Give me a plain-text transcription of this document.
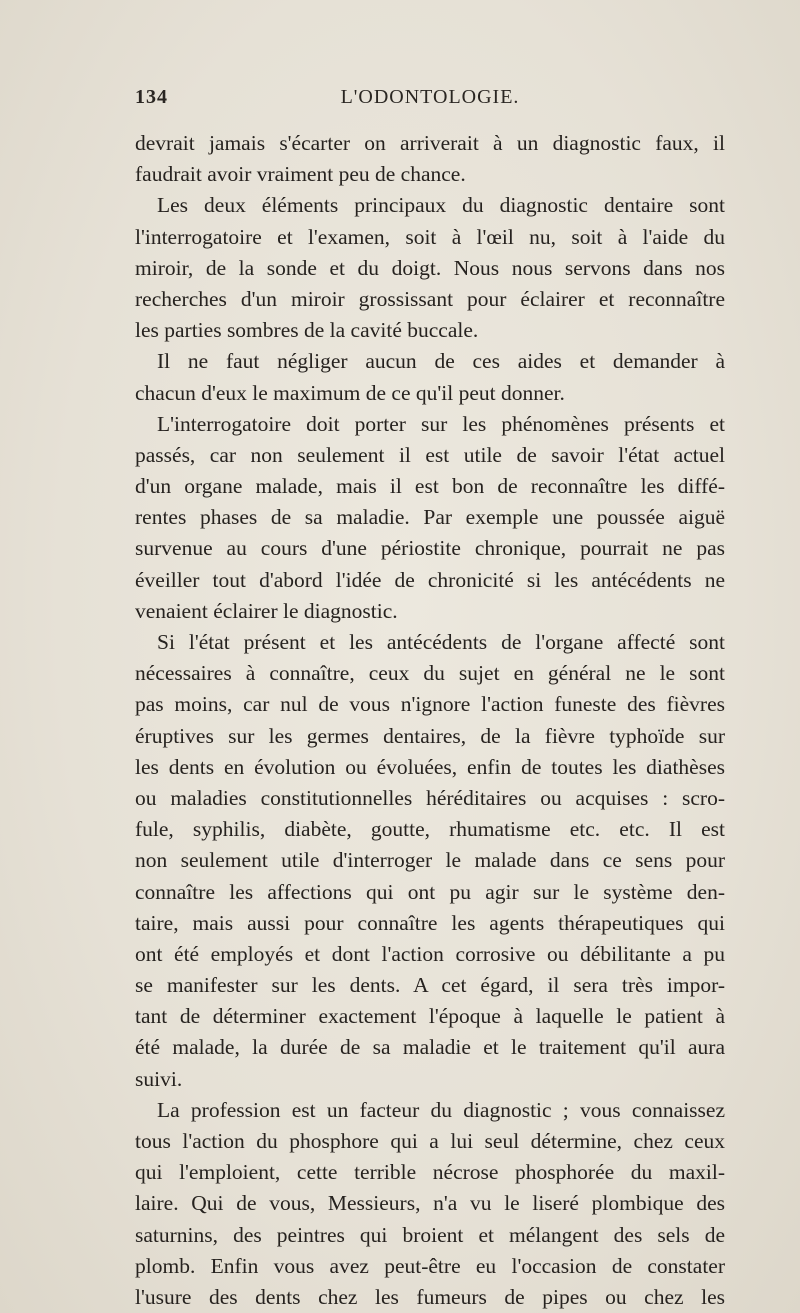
134	L'ODONTOLOGIE.
devrait jamais s'écarter on arriverait à un diagnostic faux, il
faudrait avoir vraiment peu de chance.
Les deux éléments principaux du diagnostic dentaire sont
l'interrogatoire et l'examen, soit à l'œil nu, soit à l'aide du
miroir, de la sonde et du doigt. Nous nous servons dans nos
recherches d'un miroir grossissant pour éclairer et reconnaître
les parties sombres de la cavité buccale.
Il ne faut négliger aucun de ces aides et demander à
chacun d'eux le maximum de ce qu'il peut donner.
L'interrogatoire doit porter sur les phénomènes présents et
passés, car non seulement il est utile de savoir l'état actuel
d'un organe malade, mais il est bon de reconnaître les diffé-
rentes phases de sa maladie. Par exemple une poussée aiguë
survenue au cours d'une périostite chronique, pourrait ne pas
éveiller tout d'abord l'idée de chronicité si les antécédents ne
venaient éclairer le diagnostic.
Si l'état présent et les antécédents de l'organe affecté sont
nécessaires à connaître, ceux du sujet en général ne le sont
pas moins, car nul de vous n'ignore l'action funeste des fièvres
éruptives sur les germes dentaires, de la fièvre typhoïde sur
les dents en évolution ou évoluées, enfin de toutes les diathèses
ou maladies constitutionnelles héréditaires ou acquises : scro-
fule, syphilis, diabète, goutte, rhumatisme etc. etc. Il est
non seulement utile d'interroger le malade dans ce sens pour
connaître les affections qui ont pu agir sur le système den-
taire, mais aussi pour connaître les agents thérapeutiques qui
ont été employés et dont l'action corrosive ou débilitante a pu
se manifester sur les dents. A cet égard, il sera très impor-
tant de déterminer exactement l'époque à laquelle le patient à
été malade, la durée de sa maladie et le traitement qu'il aura
suivi.
La profession est un facteur du diagnostic ; vous connaissez
tous l'action du phosphore qui a lui seul détermine, chez ceux
qui l'emploient, cette terrible nécrose phosphorée du maxil-
laire. Qui de vous, Messieurs, n'a vu le liseré plombique des
saturnins, des peintres qui broient et mélangent des sels de
plomb. Enfin vous avez peut-être eu l'occasion de constater
l'usure des dents chez les fumeurs de pipes ou chez les
